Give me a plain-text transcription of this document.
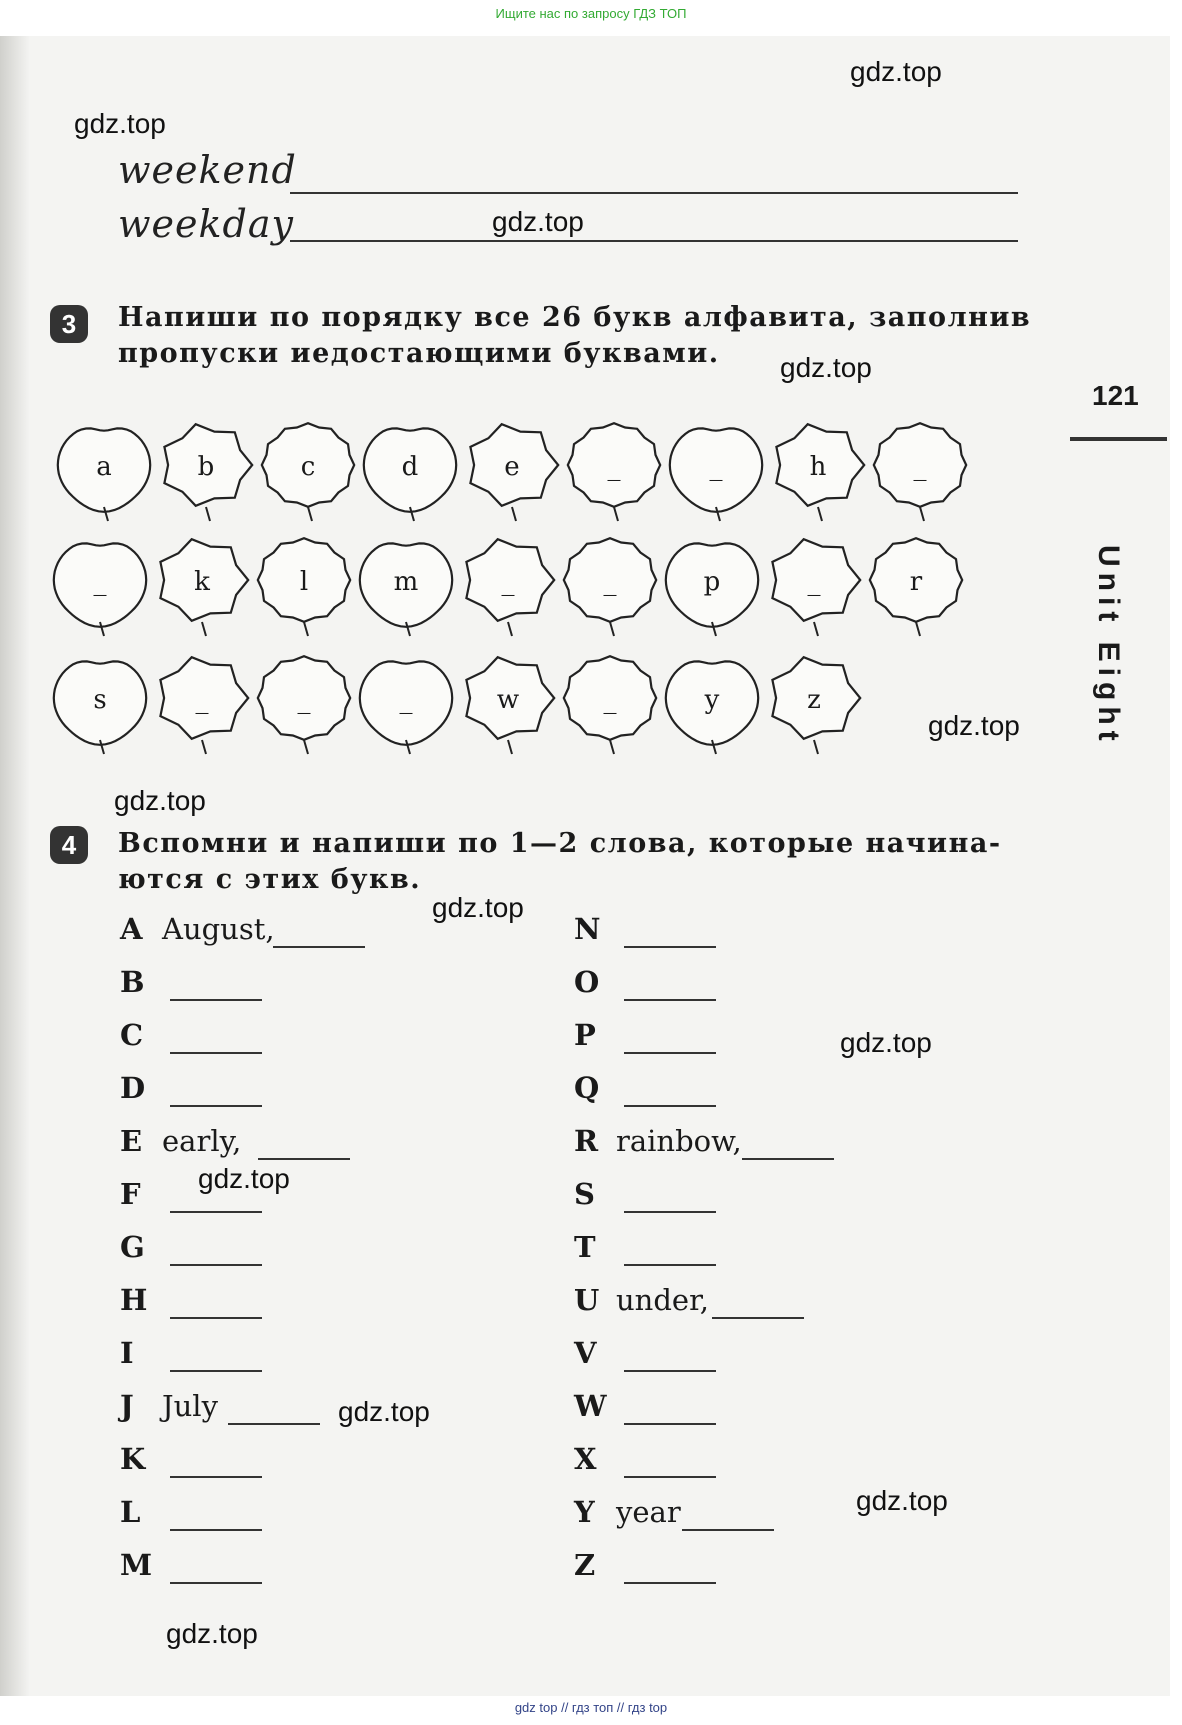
Ищите нас по запросу ГДЗ ТОП
gdz.top
gdz.top
gdz.top
gdz.top
gdz.top
gdz.top
gdz.top
gdz.top
gdz.top
gdz.top
gdz.top
gdz.top
weekend
weekday
121
Unit Eight
3	Напиши по порядку все 26 букв алфавита, заполнив
пропуски иедостающими буквами.
a	b	c	d	e	_	_	h	_
_	k	l	m	_	_	p	_	r
s	_	_	_	w	_	y	z
4	Вспомни и напиши по 1—2 слова, которые начина-
ются с этих букв.
A August,
B
C
D
E early,
F
G
H
I
J July
K
L
M
N
O
P
Q
R rainbow,
S
T
U under,
V
W
X
Y year
Z
gdz top // гдз топ // гдз top
